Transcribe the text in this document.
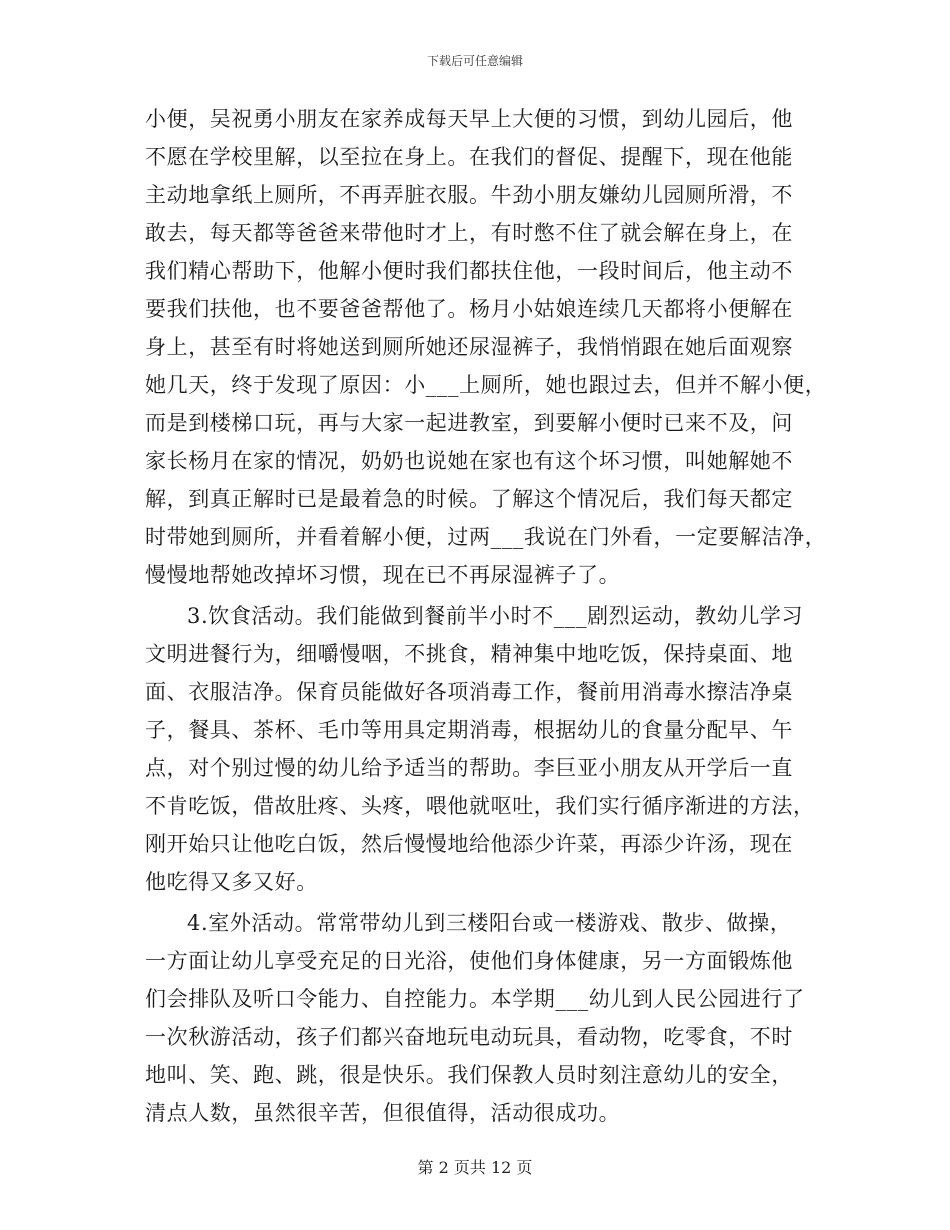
下载后可任意编辑
小便，吴祝勇小朋友在家养成每天早上大便的习惯，到幼儿园后，他
不愿在学校里解，以至拉在身上。在我们的督促、提醒下，现在他能
主动地拿纸上厕所，不再弄脏衣服。牛劲小朋友嫌幼儿园厕所滑，不
敢去，每天都等爸爸来带他时才上，有时憋不住了就会解在身上，在
我们精心帮助下，他解小便时我们都扶住他，一段时间后，他主动不
要我们扶他，也不要爸爸帮他了。杨月小姑娘连续几天都将小便解在
身上，甚至有时将她送到厕所她还尿湿裤子，我悄悄跟在她后面观察
她几天，终于发现了原因：小___上厕所，她也跟过去，但并不解小便，
而是到楼梯口玩，再与大家一起进教室，到要解小便时已来不及，问
家长杨月在家的情况，奶奶也说她在家也有这个坏习惯，叫她解她不
解，到真正解时已是最着急的时候。了解这个情况后，我们每天都定
时带她到厕所，并看着解小便，过两___我说在门外看，一定要解洁净，
慢慢地帮她改掉坏习惯，现在已不再尿湿裤子了。
3.饮食活动。我们能做到餐前半小时不___剧烈运动，教幼儿学习
文明进餐行为，细嚼慢咽，不挑食，精神集中地吃饭，保持桌面、地
面、衣服洁净。保育员能做好各项消毒工作，餐前用消毒水擦洁净桌
子，餐具、茶杯、毛巾等用具定期消毒，根据幼儿的食量分配早、午
点，对个别过慢的幼儿给予适当的帮助。李巨亚小朋友从开学后一直
不肯吃饭，借故肚疼、头疼，喂他就呕吐，我们实行循序渐进的方法，
刚开始只让他吃白饭，然后慢慢地给他添少许菜，再添少许汤，现在
他吃得又多又好。
4.室外活动。常常带幼儿到三楼阳台或一楼游戏、散步、做操，
一方面让幼儿享受充足的日光浴，使他们身体健康，另一方面锻炼他
们会排队及听口令能力、自控能力。本学期___幼儿到人民公园进行了
一次秋游活动，孩子们都兴奋地玩电动玩具，看动物，吃零食，不时
地叫、笑、跑、跳，很是快乐。我们保教人员时刻注意幼儿的安全，
清点人数，虽然很辛苦，但很值得，活动很成功。
第 2 页共 12 页
